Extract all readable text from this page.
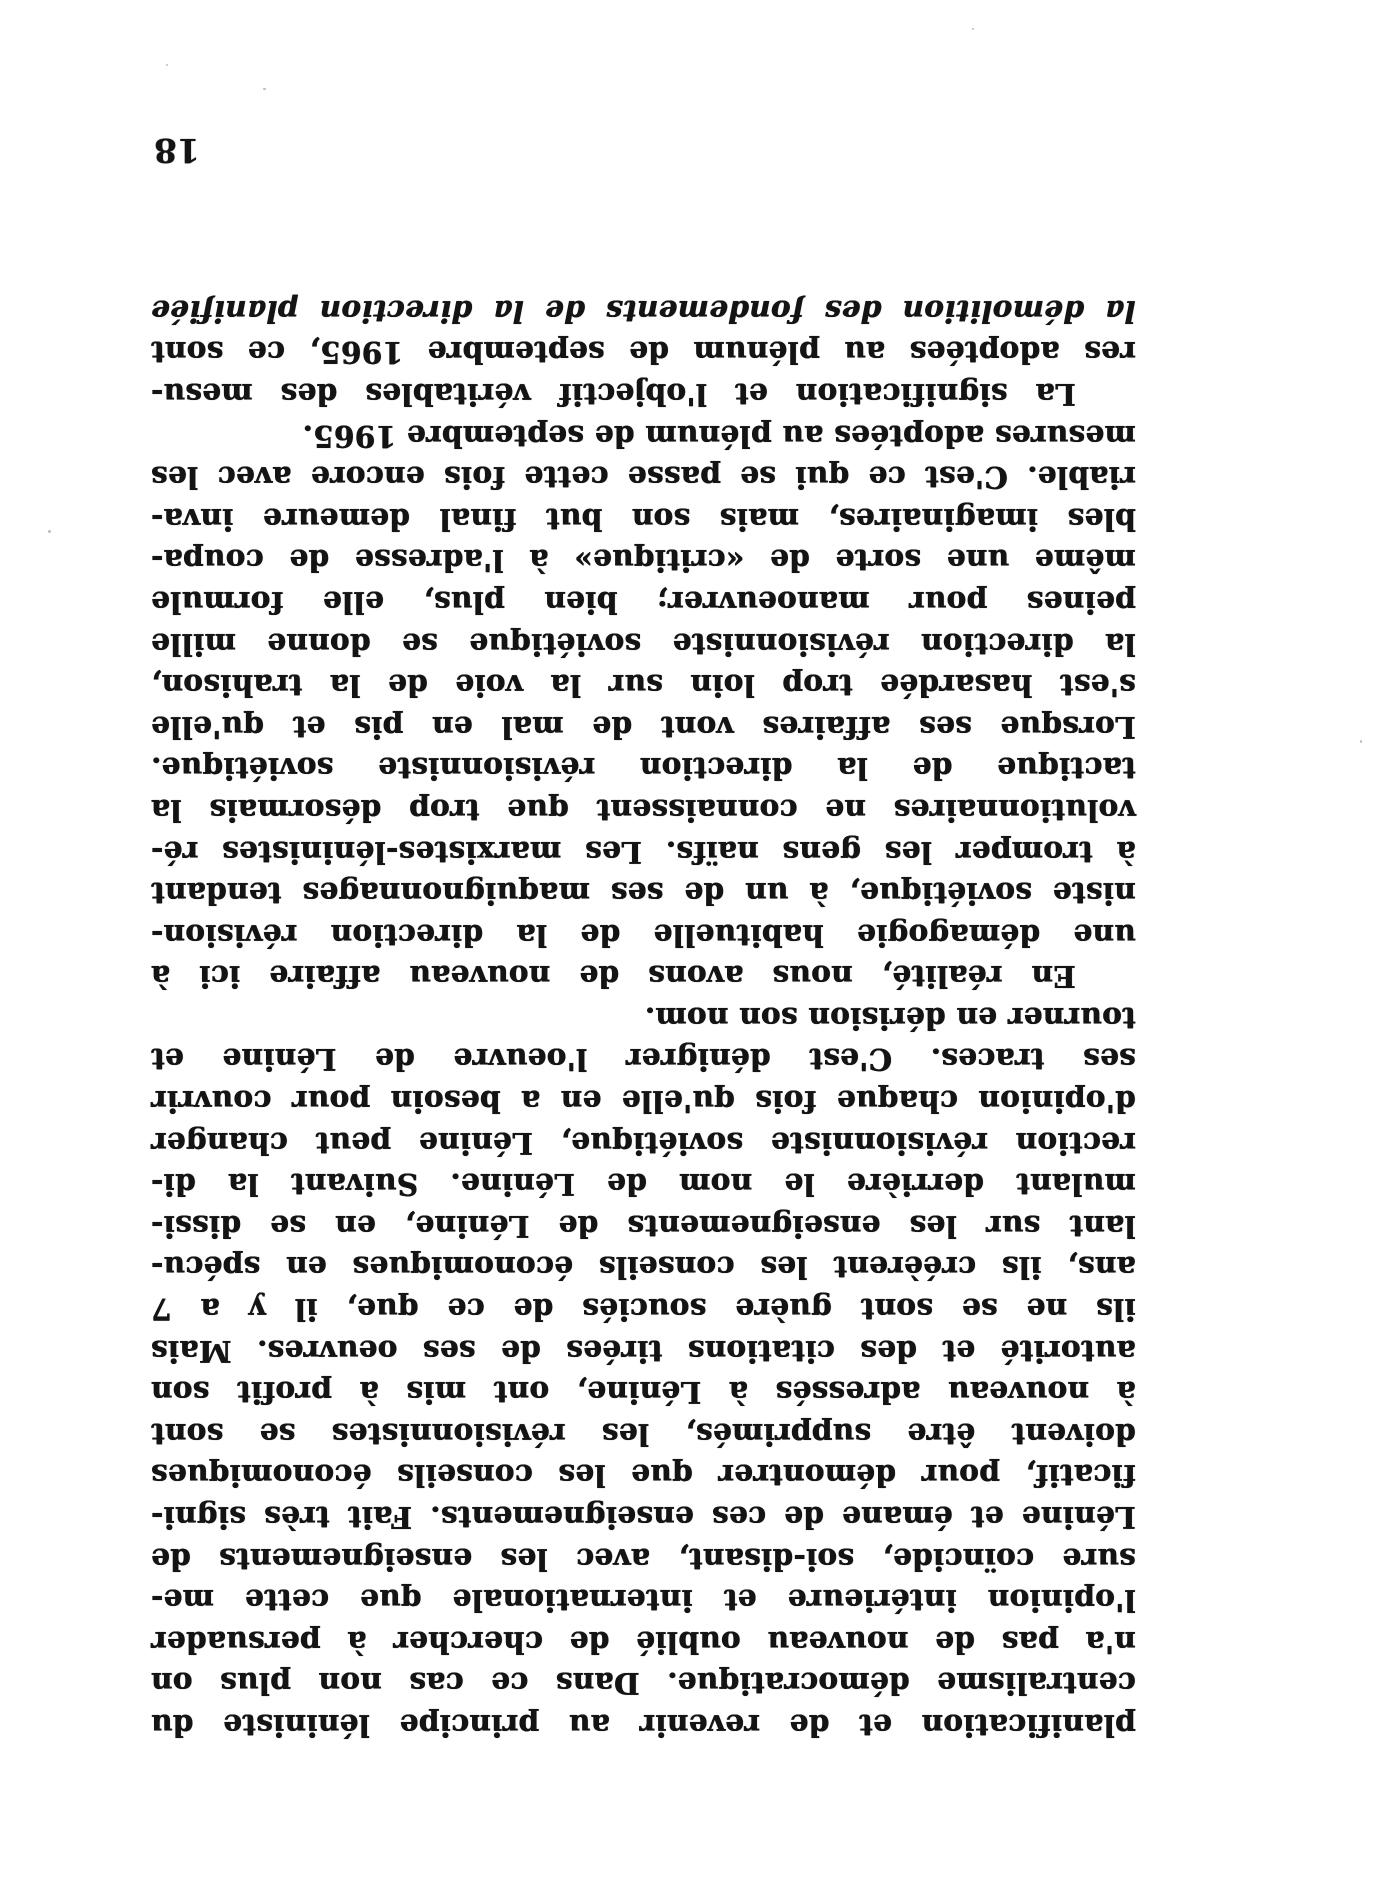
planification et de revenir au principe léniniste du
centralisme démocratique. Dans ce cas non plus on
n'a pas de nouveau oublié de chercher à persuader
l'opinion intérieure et internationale que cette me-
sure coïncide, soi-disant, avec les enseignements de
Lénine et émane de ces enseignements. Fait très signi-
ficatif, pour démontrer que les conseils économiques
doivent être supprimés, les révisionnistes se sont
à nouveau adressés à Lénine, ont mis à profit son
autorité et des citations tirées de ses oeuvres. Mais
ils ne se sont guère souciés de ce que, il y a 7
ans, ils créèrent les conseils économiques en spécu-
lant sur les enseignements de Lénine, en se dissi-
mulant derrière le nom de Lénine. Suivant la di-
rection révisionniste soviétique, Lénine peut changer
d'opinion chaque fois qu'elle en a besoin pour couvrir
ses traces. C'est dénigrer l'oeuvre de Lénine et
tourner en dérision son nom.
En réalité, nous avons de nouveau affaire ici à
une démagogie habituelle de la direction révision-
niste soviétique, à un de ses maquignonnages tendant
à tromper les gens naïfs. Les marxistes-léninistes ré-
volutionnaires ne connaissent que trop désormais la
tactique de la direction révisionniste soviétique.
Lorsque ses affaires vont de mal en pis et qu'elle
s'est hasardée trop loin sur la voie de la trahison,
la direction révisionniste soviétique se donne mille
peines pour manoeuvrer; bien plus, elle formule
même une sorte de «critique» à l'adresse de coupa-
bles imaginaires, mais son but final demeure inva-
riable. C'est ce qui se passe cette fois encore avec les
mesures adoptées au plénum de septembre 1965.
La signification et l'objectif véritables des mesu-
res adoptées au plénum de septembre 1965, ce sont
la démolition des fondements de la direction planifiée
18
